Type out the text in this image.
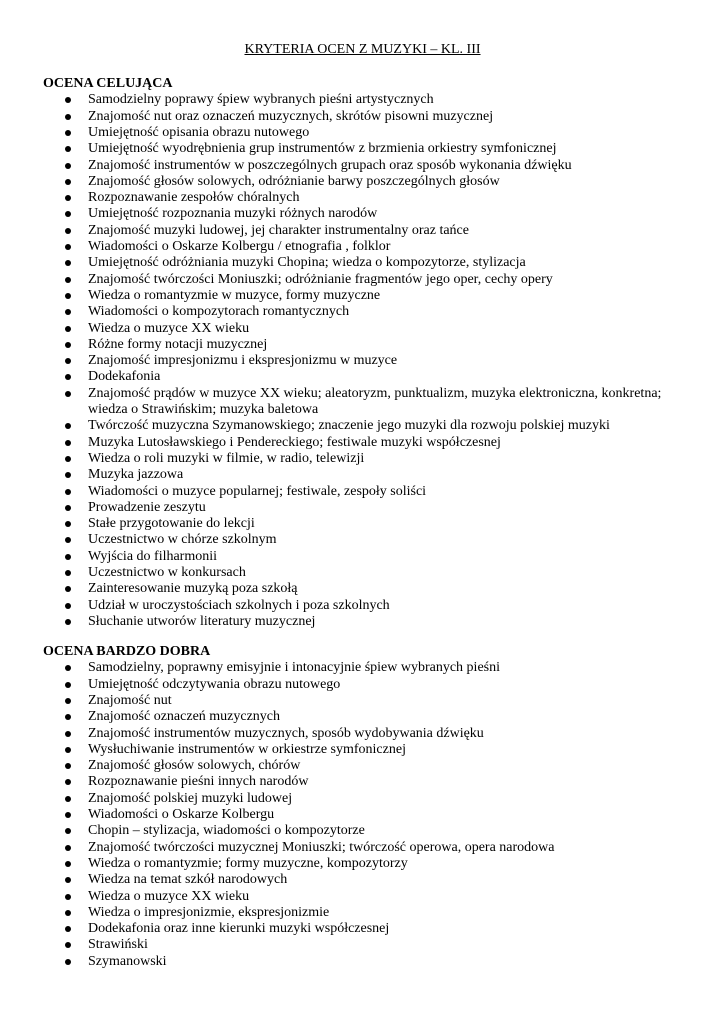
KRYTERIA OCEN Z MUZYKI – KL. III
OCENA CELUJĄCA
Samodzielny poprawy śpiew wybranych pieśni artystycznych
Znajomość nut oraz oznaczeń muzycznych, skrótów pisowni muzycznej
Umiejętność opisania obrazu nutowego
Umiejętność wyodrębnienia grup instrumentów z brzmienia orkiestry symfonicznej
Znajomość instrumentów w poszczególnych grupach oraz sposób wykonania dźwięku
Znajomość głosów solowych, odróżnianie barwy poszczególnych głosów
Rozpoznawanie zespołów chóralnych
Umiejętność rozpoznania muzyki różnych narodów
Znajomość muzyki ludowej, jej charakter instrumentalny oraz tańce
Wiadomości o Oskarze Kolbergu / etnografia , folklor
Umiejętność odróżniania muzyki Chopina; wiedza o kompozytorze, stylizacja
Znajomość twórczości Moniuszki; odróżnianie fragmentów jego oper, cechy opery
Wiedza o romantyzmie w muzyce, formy muzyczne
Wiadomości o kompozytorach romantycznych
Wiedza o muzyce XX wieku
Różne formy notacji muzycznej
Znajomość impresjonizmu i ekspresjonizmu w muzyce
Dodekafonia
Znajomość prądów w muzyce XX wieku; aleatoryzm, punktualizm, muzyka elektroniczna, konkretna; wiedza o Strawińskim; muzyka baletowa
Twórczość muzyczna Szymanowskiego; znaczenie jego muzyki dla rozwoju polskiej muzyki
Muzyka Lutosławskiego i Pendereckiego; festiwale muzyki współczesnej
Wiedza o roli muzyki w filmie, w radio, telewizji
Muzyka jazzowa
Wiadomości o muzyce popularnej; festiwale, zespoły soliści
Prowadzenie zeszytu
Stałe przygotowanie do lekcji
Uczestnictwo w chórze szkolnym
Wyjścia do filharmonii
Uczestnictwo w konkursach
Zainteresowanie muzyką poza szkołą
Udział w uroczystościach szkolnych i poza szkolnych
Słuchanie utworów literatury muzycznej
OCENA BARDZO DOBRA
Samodzielny, poprawny emisyjnie i intonacyjnie śpiew wybranych pieśni
Umiejętność odczytywania obrazu nutowego
Znajomość nut
Znajomość oznaczeń muzycznych
Znajomość instrumentów muzycznych, sposób wydobywania dźwięku
Wysłuchiwanie instrumentów w orkiestrze symfonicznej
Znajomość głosów solowych, chórów
Rozpoznawanie pieśni innych narodów
Znajomość polskiej muzyki ludowej
Wiadomości o Oskarze Kolbergu
Chopin – stylizacja, wiadomości o kompozytorze
Znajomość twórczości muzycznej Moniuszki; twórczość operowa, opera narodowa
Wiedza o romantyzmie; formy muzyczne, kompozytorzy
Wiedza na temat szkół narodowych
Wiedza o muzyce XX wieku
Wiedza o impresjonizmie, ekspresjonizmie
Dodekafonia oraz inne kierunki muzyki współczesnej
Strawiński
Szymanowski
